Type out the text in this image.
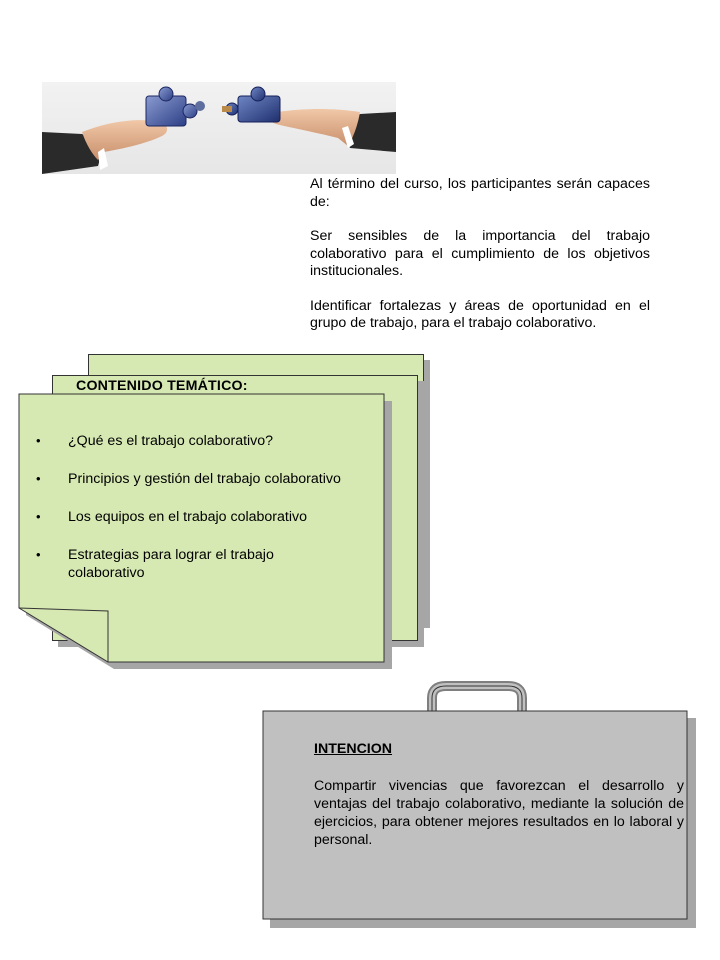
Al término del curso, los participantes serán capaces de:

Ser sensibles de la importancia del trabajo colaborativo para el cumplimiento de los objetivos institucionales.

Identificar fortalezas y áreas de oportunidad en el grupo de trabajo, para el trabajo colaborativo.

CONTENIDO TEMÁTICO:
• ¿Qué es el trabajo colaborativo?
• Principios y gestión del trabajo colaborativo
• Los equipos en el trabajo colaborativo
• Estrategias para lograr el trabajo colaborativo
INTENCION

Compartir vivencias que favorezcan el desarrollo y ventajas del trabajo colaborativo, mediante la solución de ejercicios, para obtener mejores resultados en lo laboral y personal.
